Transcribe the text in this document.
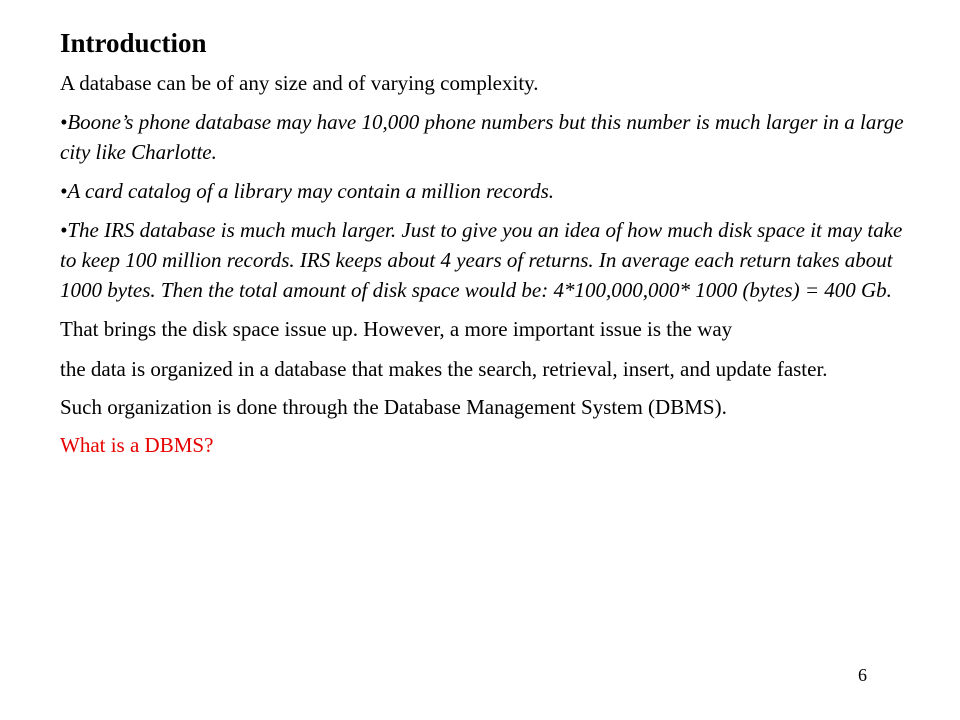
Introduction

A database can be of any size and of varying complexity.

•Boone’s phone database may have 10,000 phone numbers but this number is much larger in a large city like Charlotte.

•A card catalog of a library may contain a million records.

•The IRS database is much much larger. Just to give you an idea of how much disk space it may take to keep 100 million records. IRS keeps about 4 years of returns. In average each return takes about 1000 bytes. Then the total amount of disk space would be: 4*100,000,000* 1000 (bytes) = 400 Gb.

That brings the disk space issue up. However, a more important issue is the way

the data is organized in a database that makes the search, retrieval, insert, and update faster.

Such organization is done through the Database Management System (DBMS).

What is a DBMS?

6
